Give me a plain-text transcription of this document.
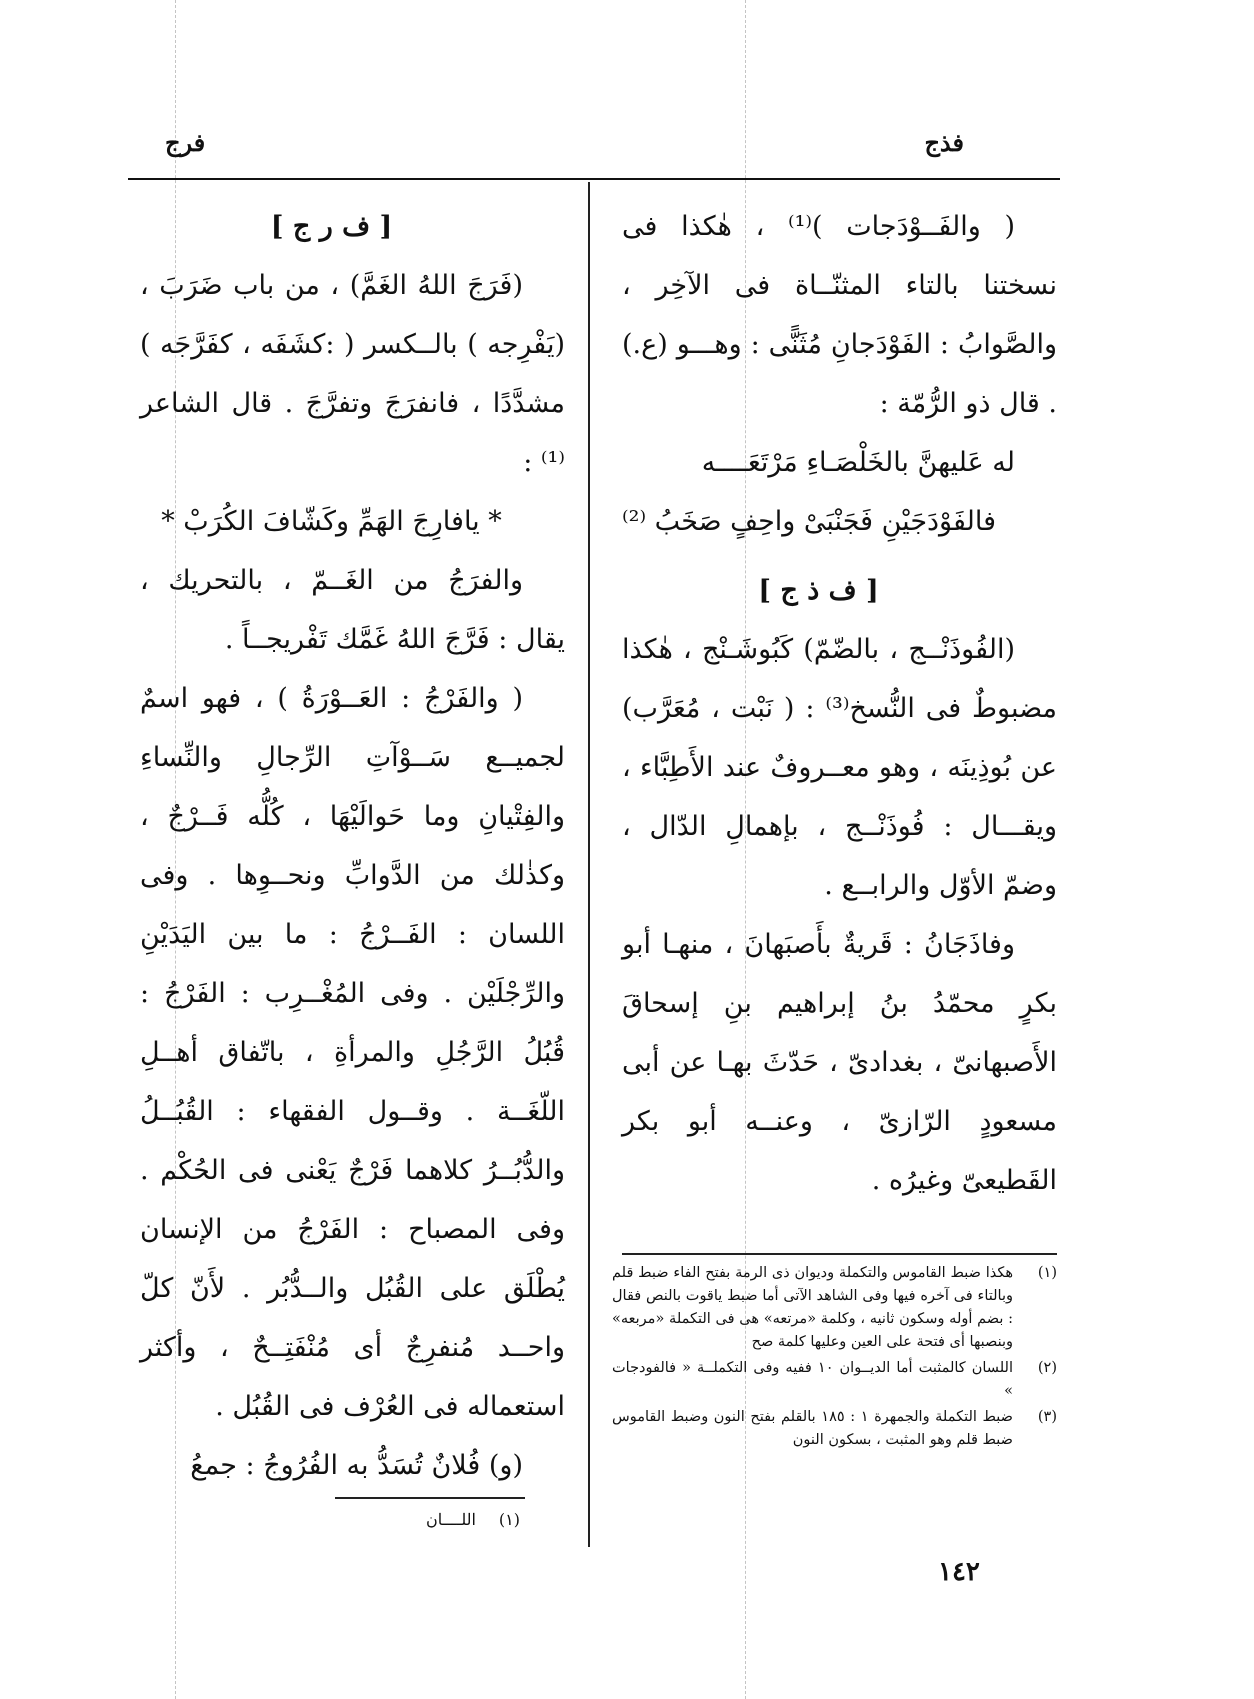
فذج
فرج

( والفَــوْدَجات )⁽¹⁾ ، هٰكذا فى نسختنا بالتاء المثنّــاة فى الآخِر ، والصَّوابُ : الفَوْدَجانِ مُثَنًّى : وهـــو (ع.) . قال ذو الرُّمّة :

له عَليهنَّ بالخَلْصَـاءِ مَرْتَعَــــه

فالفَوْدَجَيْنِ فَجَنْبَىْ واحِفٍ صَخَبُ ⁽²⁾

[ ف ذ ج ]

(الفُوذَنْــج ، بالضّمّ) كَبُوشَـنْج ، هٰكذا مضبوطٌ فى النُّسخ⁽³⁾ : ( نَبْت ، مُعَرَّب) عن بُوذِينَه ، وهو معــروفٌ عند الأَطِبَّاء ، ويقـــال : فُوذَنْــج ، بإهمالِ الدّال ، وضمّ الأوّل والرابــع .

وفاذَجَانُ : قَريةٌ بأَصبَهانَ ، منهـا أبو بكرٍ محمّدُ بنُ إبراهيم بنِ إسحاقَ الأَصبهانىّ ، بغدادىّ ، حَدّثَ بهـا عن أبى مسعودٍ الرّازىّ ، وعنــه أبو بكر القَطيعىّ وغيرُه .

(١)
هكذا ضبط القاموس والتكملة وديوان ذى الرمة بفتح الفاء ضبط قلم وبالتاء فى آخره فيها وفى الشاهد الآتى أما ضبط ياقوت بالنص فقال : بضم أوله وسكون ثانيه ، وكلمة «مرتعه» هى فى التكملة «مربعه» وبنصبها أى فتحة على العين وعليها كلمة صح
(٢)
اللسان كالمثبت أما الديــوان ١٠ ففيه وفى التكملــة « فالفودجات »
(٣)
ضبط التكملة والجمهرة ١ : ١٨٥ بالقلم بفتح النون وضبط القاموس ضبط قلم وهو المثبت ، بسكون النون

[ ف ر ج ]

(فَرَجَ اللهُ الغَمَّ) ، من باب ضَرَبَ ، (يَفْرِجه ) بالــكسر ( :كشَفَه ، كفَرَّجَه ) مشدَّدًا ، فانفرَجَ وتفرَّجَ . قال الشاعر ⁽¹⁾ :

* يافارِجَ الهَمِّ وكَشّافَ الكُرَبْ *

والفرَجُ من الغَــمّ ، بالتحريك ، يقال : فَرَّجَ اللهُ غَمَّك تَفْريجــاً .

( والفَرْجُ : العَــوْرَةُ ) ، فهو اسمٌ لجميــع سَــوْآتِ الرِّجالِ والنِّساءِ والفِتْيانِ وما حَوالَيْهَا ، كُلُّه فَــرْجٌ ، وكذٰلك من الدَّوابِّ ونحــوِها . وفى اللسان : الفَــرْجُ : ما بين اليَدَيْنِ والرِّجْلَيْن . وفى المُغْــرِب : الفَرْجُ : قُبُلُ الرَّجُلِ والمرأةِ ، باتّفاق أهــلِ اللّغَــة . وقــول الفقهاء : القُبُــلُ والدُّبُــرُ كلاهما فَرْجٌ يَعْنى فى الحُكْم . وفى المصباح : الفَرْجُ من الإنسان يُطْلَق على القُبُل والــدُّبُر . لأَنّ كلّ واحــد مُنفرِجٌ أى مُنْفَتِــحٌ ، وأكثر استعماله فى العُرْف فى القُبُل .

(و) فُلانٌ تُسَدُّ به الفُرُوجُ : جمعُ

(١)
اللــــان
١٤٢
